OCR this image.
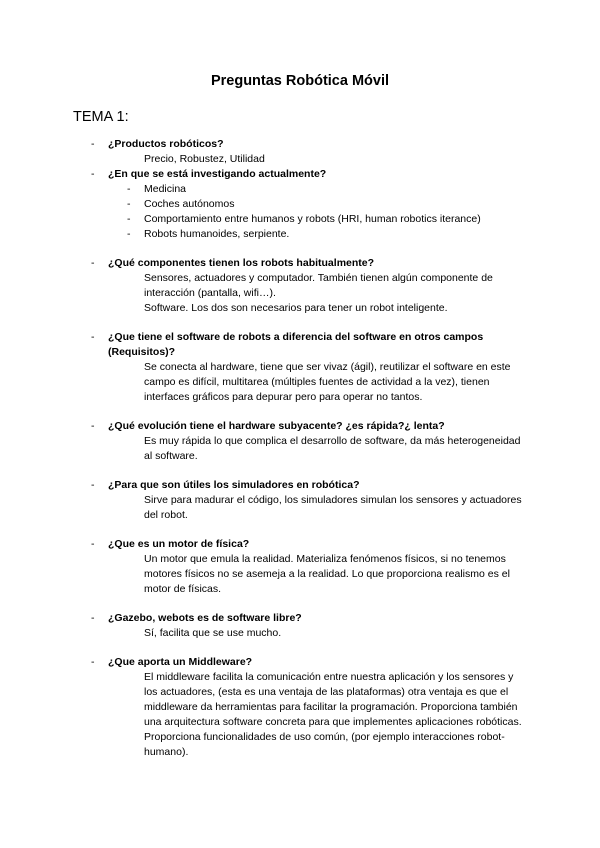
Preguntas Robótica Móvil
TEMA 1:
- ¿Productos robóticos?

Precio, Robustez, Utilidad

- ¿En que se está investigando actualmente?
- Medicina
- Coches autónomos
- Comportamiento entre humanos y robots (HRI, human robotics iterance)
- Robots humanoides, serpiente.
- ¿Qué componentes tienen los robots habitualmente?

Sensores, actuadores y computador. También tienen algún componente de interacción (pantalla, wifi…).

Software. Los dos son necesarios para tener un robot inteligente.

- ¿Que tiene el software de robots a diferencia del software en otros campos (Requisitos)?

Se conecta al hardware, tiene que ser vivaz (ágil), reutilizar el software en este campo es difícil, multitarea (múltiples fuentes de actividad a la vez), tienen interfaces gráficos para depurar pero para operar no tantos.

- ¿Qué evolución tiene el hardware subyacente? ¿es rápida?¿ lenta?

Es muy rápida lo que complica el desarrollo de software, da más heterogeneidad al software.

- ¿Para que son útiles los simuladores en robótica?

Sirve para madurar el código, los simuladores simulan los sensores y actuadores del robot.

- ¿Que es un motor de física?

Un motor que emula la realidad. Materializa fenómenos físicos, si no tenemos motores físicos no se asemeja a la realidad. Lo que proporciona realismo es el motor de físicas.

- ¿Gazebo, webots es de software libre?

Sí, facilita que se use mucho.

- ¿Que aporta un Middleware?

El middleware facilita la comunicación entre nuestra aplicación y los sensores y los actuadores, (esta es una ventaja de las plataformas) otra ventaja es que el middleware da herramientas para facilitar la programación. Proporciona también una arquitectura software concreta para que implementes aplicaciones robóticas. Proporciona funcionalidades de uso común, (por ejemplo interacciones robot-humano).
